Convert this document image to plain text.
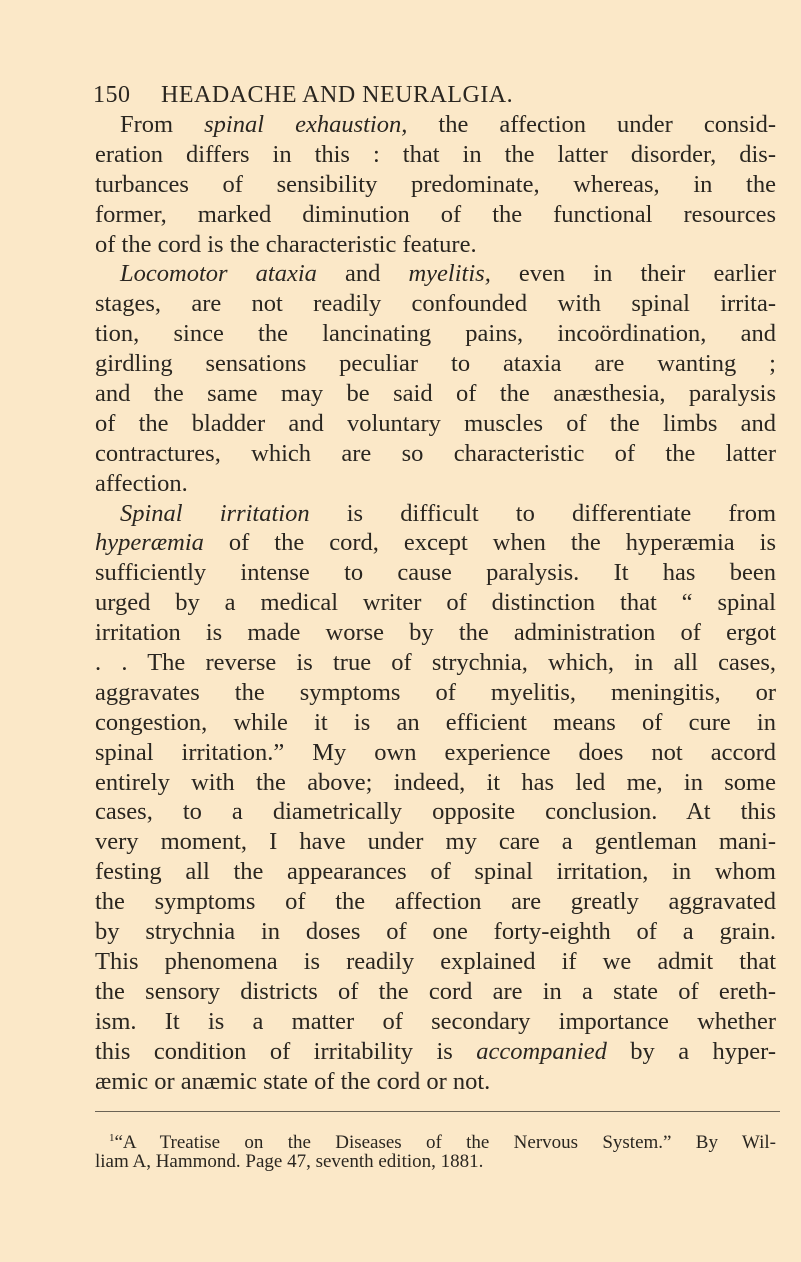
150 HEADACHE AND NEURALGIA.
From spinal exhaustion, the affection under consid-
eration differs in this : that in the latter disorder, dis-
turbances of sensibility predominate, whereas, in the
former, marked diminution of the functional resources
of the cord is the characteristic feature.
Locomotor ataxia and myelitis, even in their earlier
stages, are not readily confounded with spinal irrita-
tion, since the lancinating pains, incoördination, and
girdling sensations peculiar to ataxia are wanting ;
and the same may be said of the anæsthesia, paralysis
of the bladder and voluntary muscles of the limbs and
contractures, which are so characteristic of the latter
affection.
Spinal irritation is difficult to differentiate from
hyperæmia of the cord, except when the hyperæmia is
sufficiently intense to cause paralysis. It has been
urged by a medical writer of distinction that “ spinal
irritation is made worse by the administration of ergot
. . The reverse is true of strychnia, which, in all cases,
aggravates the symptoms of myelitis, meningitis, or
congestion, while it is an efficient means of cure in
spinal irritation.” My own experience does not accord
entirely with the above; indeed, it has led me, in some
cases, to a diametrically opposite conclusion. At this
very moment, I have under my care a gentleman mani-
festing all the appearances of spinal irritation, in whom
the symptoms of the affection are greatly aggravated
by strychnia in doses of one forty-eighth of a grain.
This phenomena is readily explained if we admit that
the sensory districts of the cord are in a state of ereth-
ism. It is a matter of secondary importance whether
this condition of irritability is accompanied by a hyper-
æmic or anæmic state of the cord or not.
$^1$“A Treatise on the Diseases of the Nervous System.” By Wil-
liam A, Hammond. Page 47, seventh edition, 1881.
